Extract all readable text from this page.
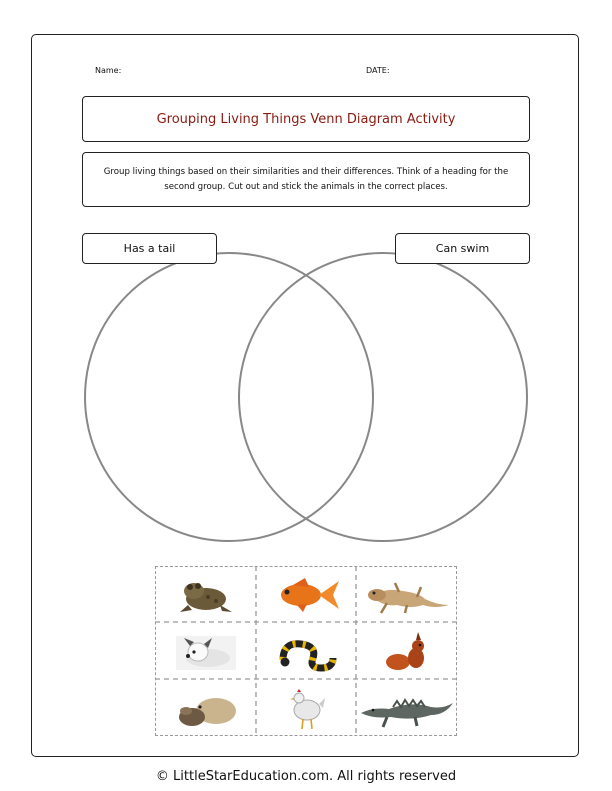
Name:	DATE:
Grouping Living Things Venn Diagram Activity
Group living things based on their similarities and their differences. Think of a heading for the second group. Cut out and stick the animals in the correct places.
Has a tail	Can swim
© LittleStarEducation.com. All rights reserved
